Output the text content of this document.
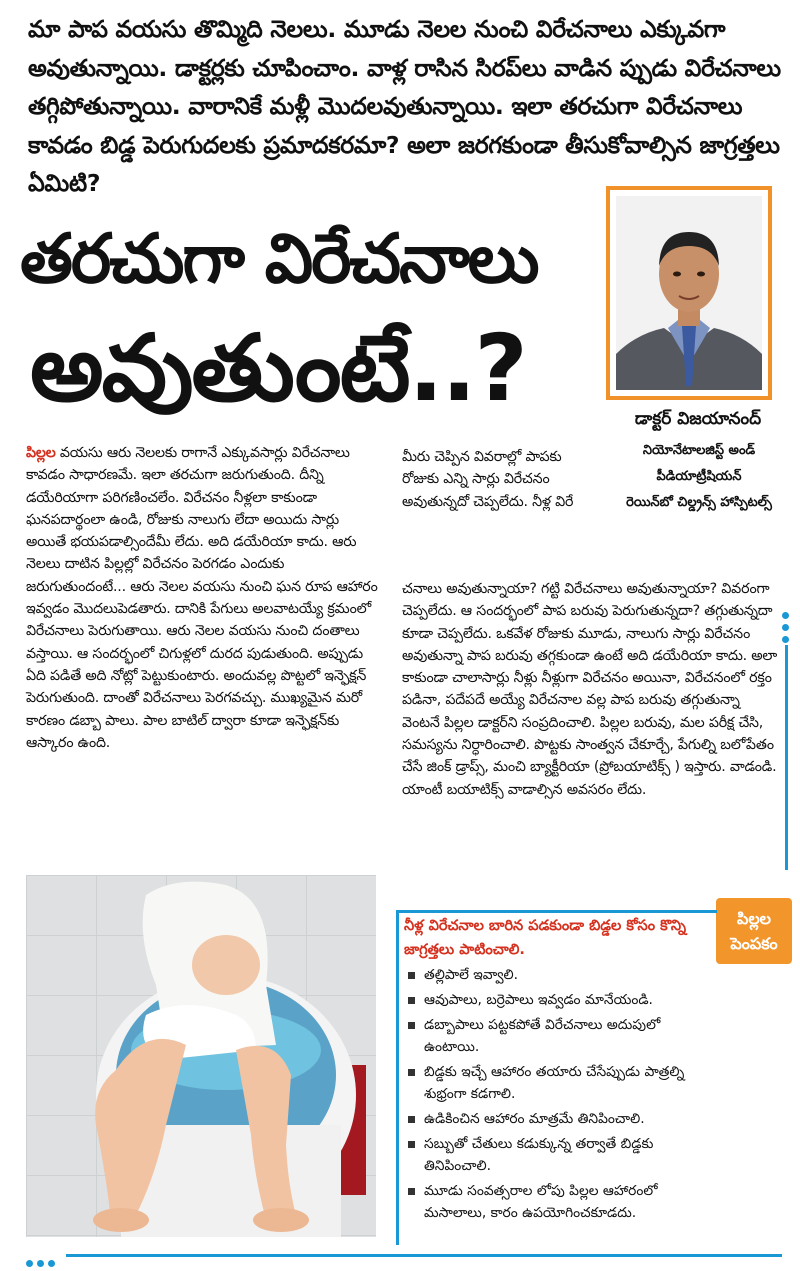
మా పాప వయసు తొమ్మిది నెలలు. మూడు నెలల నుంచి విరేచనాలు ఎక్కువగా అవుతున్నాయి. డాక్టర్లకు చూపించాం. వాళ్ల రాసిన సిరప్‌లు వాడిన ప్పుడు విరేచనాలు తగ్గిపోతున్నాయి. వారానికే మళ్లీ మొదలవుతున్నాయి. ఇలా తరచుగా విరేచనాలు కావడం బిడ్డ పెరుగుదలకు ప్రమాదకరమా? అలా జరగకుండా తీసుకోవాల్సిన జాగ్రత్తలు ఏమిటి?

తరచుగా విరేచనాలు
అవుతుంటే..?	డాక్టర్‌ విజయానంద్‌

నియోనేటాలజిస్ట్‌ అండ్‌
పీడియాట్రీషియన్‌
రెయిన్‌బో చిల్డ్రన్స్‌ హాస్పిటల్స్‌

పిల్లల వయసు ఆరు నెలలకు రాగానే ఎక్కువసార్లు విరేచనాలు కావడం సాధారణమే. ఇలా తరచుగా జరుగుతుంది. దీన్ని డయేరియాగా పరిగణించలేం. విరేచనం నీళ్లలా కాకుండా ఘనపదార్థంలా ఉండి, రోజుకు నాలుగు లేదా అయిదు సార్లు అయితే భయపడాల్సిందేమీ లేదు. అది డయేరియా కాదు. ఆరు నెలలు దాటిన పిల్లల్లో విరేచనం పెరగడం ఎందుకు జరుగుతుందంటే... ఆరు నెలల వయసు నుంచి ఘన రూప ఆహారం ఇవ్వడం మొదలుపెడతారు. దానికి పేగులు అలవాటయ్యే క్రమంలో విరేచనాలు పెరుగుతాయి. ఆరు నెలల వయసు నుంచి దంతాలు వస్తాయి. ఆ సందర్భంలో చిగుళ్లలో దురద పుడుతుంది. అప్పుడు ఏది పడితే అది నోట్లో పెట్టుకుంటారు. అందువల్ల పొట్టలో ఇన్ఫెక్షన్‌ పెరుగుతుంది. దాంతో విరేచనాలు పెరగవచ్చు. ముఖ్యమైన మరో కారణం డబ్బా పాలు. పాల బాటిల్‌ ద్వారా కూడా ఇన్ఫెక్షన్‌కు ఆస్కారం ఉంది.

మీరు చెప్పిన వివరాల్లో పాపకు రోజుకు ఎన్ని సార్లు విరేచనం అవుతున్నదో చెప్పలేదు. నీళ్ల విరే

చనాలు అవుతున్నాయా? గట్టి విరేచనాలు అవుతున్నాయా? వివరంగా చెప్పలేదు. ఆ సందర్భంలో పాప బరువు పెరుగుతున్నదా? తగ్గుతున్నదా కూడా చెప్పలేదు. ఒకవేళ రోజుకు మూడు, నాలుగు సార్లు విరేచనం అవుతున్నా పాప బరువు తగ్గకుండా ఉంటే అది డయేరియా కాదు. అలా కాకుండా చాలాసార్లు నీళ్లు నీళ్లుగా విరేచనం అయినా, విరేచనంలో రక్తం పడినా, పదేపదే అయ్యే విరేచనాల వల్ల పాప బరువు తగ్గుతున్నా వెంటనే పిల్లల డాక్టర్‌ని సంప్రదించాలి. పిల్లల బరువు, మల పరీక్ష చేసి, సమస్యను నిర్ధారించాలి. పొట్టకు సాంత్వన చేకూర్చే, పేగుల్ని బలోపేతం చేసే జింక్‌ డ్రాప్స్‌, మంచి బ్యాక్టీరియా (ప్రోబయాటిక్స్‌ ) ఇస్తారు. వాడండి. యాంటీ బయాటిక్స్‌ వాడాల్సిన అవసరం లేదు.

పిల్లల
పెంపకం

నీళ్ల విరేచనాల బారిన పడకుండా బిడ్డల కోసం కొన్ని జాగ్రత్తలు పాటించాలి.

తల్లిపాలే ఇవ్వాలి.
ఆవుపాలు, బర్రెపాలు ఇవ్వడం మానేయండి.
డబ్బాపాలు పట్టకపోతే విరేచనాలు అదుపులో ఉంటాయి.
బిడ్డకు ఇచ్చే ఆహారం తయారు చేసేప్పుడు పాత్రల్ని శుభ్రంగా కడగాలి.
ఉడికించిన ఆహారం మాత్రమే తినిపించాలి.
సబ్బుతో చేతులు కడుక్కున్న తర్వాతే బిడ్డకు తినిపించాలి.
మూడు సంవత్సరాల లోపు పిల్లల ఆహారంలో మసాలాలు, కారం ఉపయోగించకూడదు.
